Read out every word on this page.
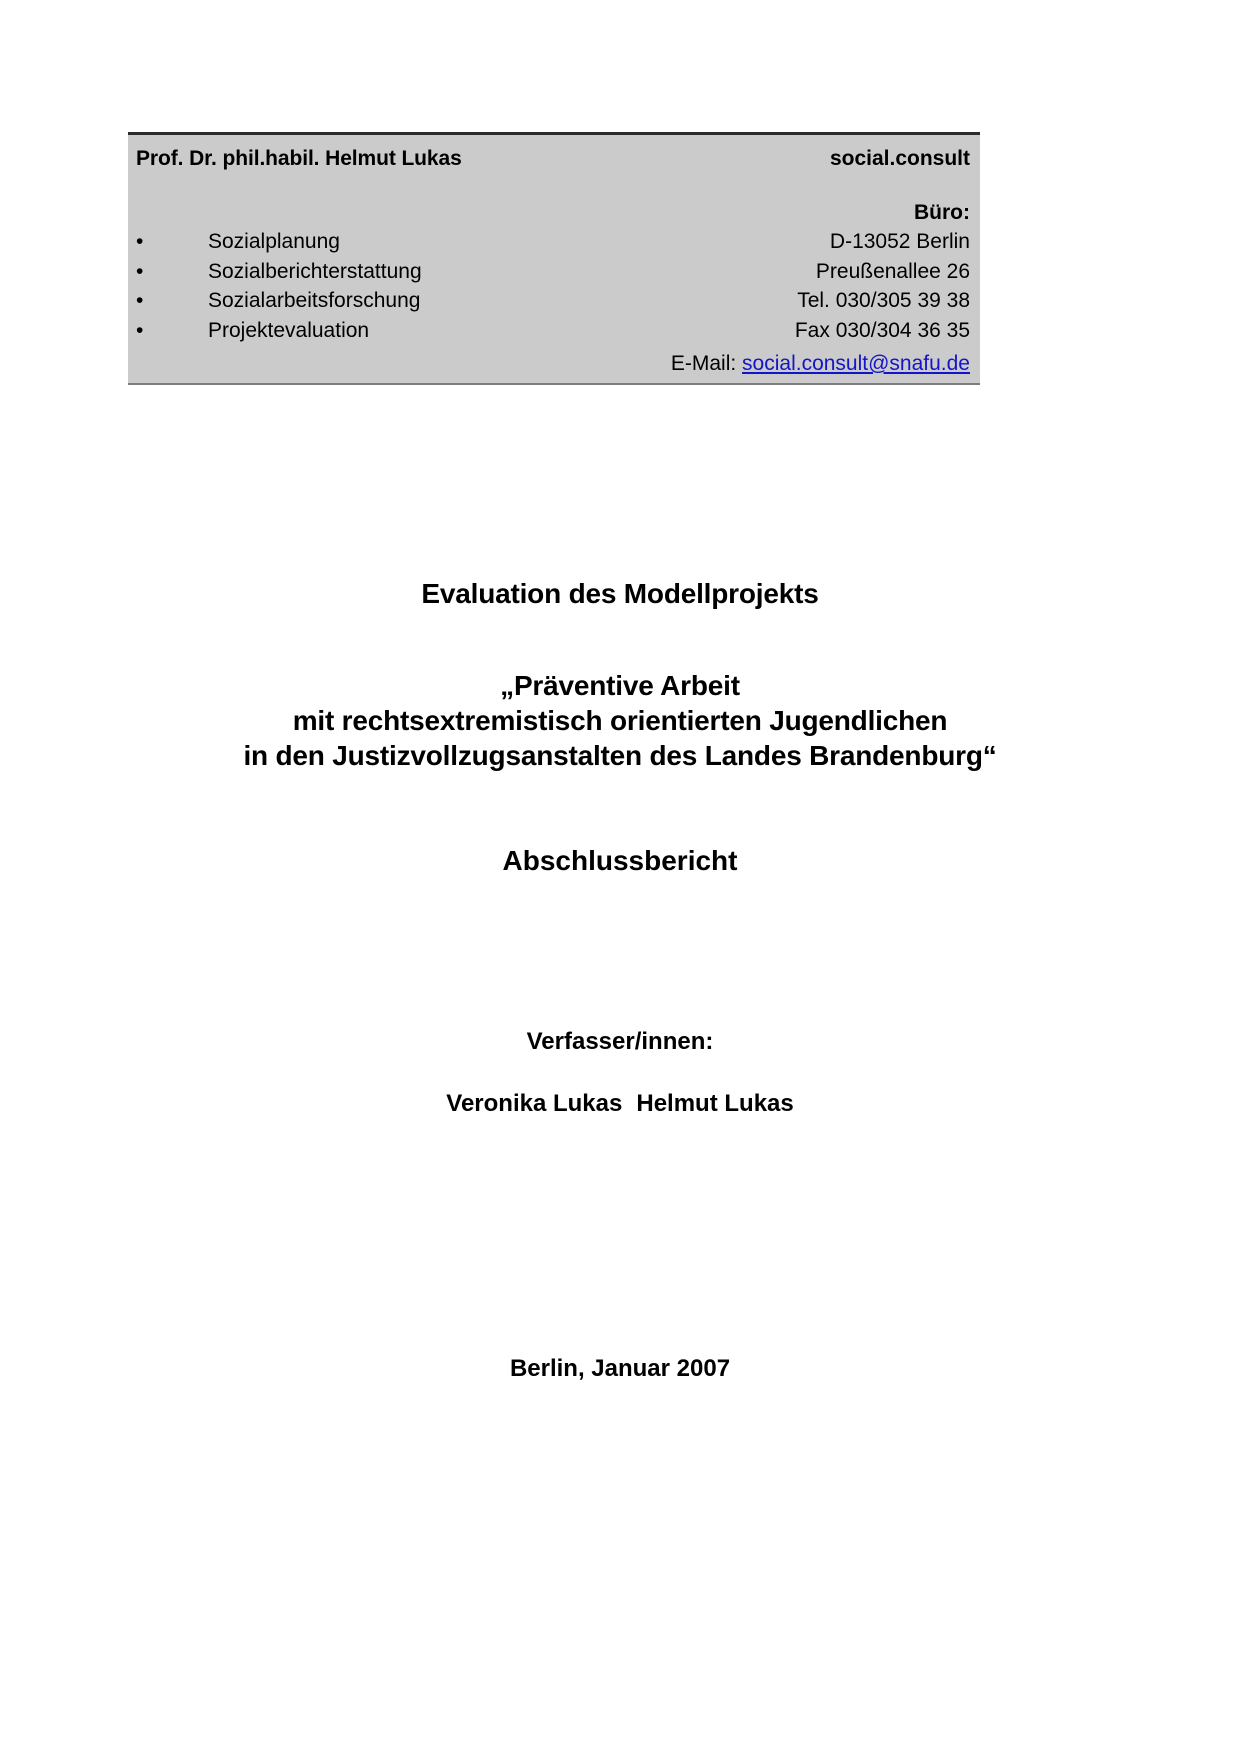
Prof. Dr. phil.habil. Helmut Lukas	social.consult

Büro:
•	Sozialplanung
•	Sozialberichterstattung
•	Sozialarbeitsforschung
•	Projektevaluation
D-13052 Berlin
Preußenallee 26
Tel. 030/305 39 38
Fax 030/304 36 35
E-Mail: social.consult@snafu.de
Evaluation des Modellprojekts
„Präventive Arbeit
mit rechtsextremistisch orientierten Jugendlichen
in den Justizvollzugsanstalten des Landes Brandenburg“
Abschlussbericht
Verfasser/innen:
Veronika Lukas Helmut Lukas
Berlin, Januar 2007
